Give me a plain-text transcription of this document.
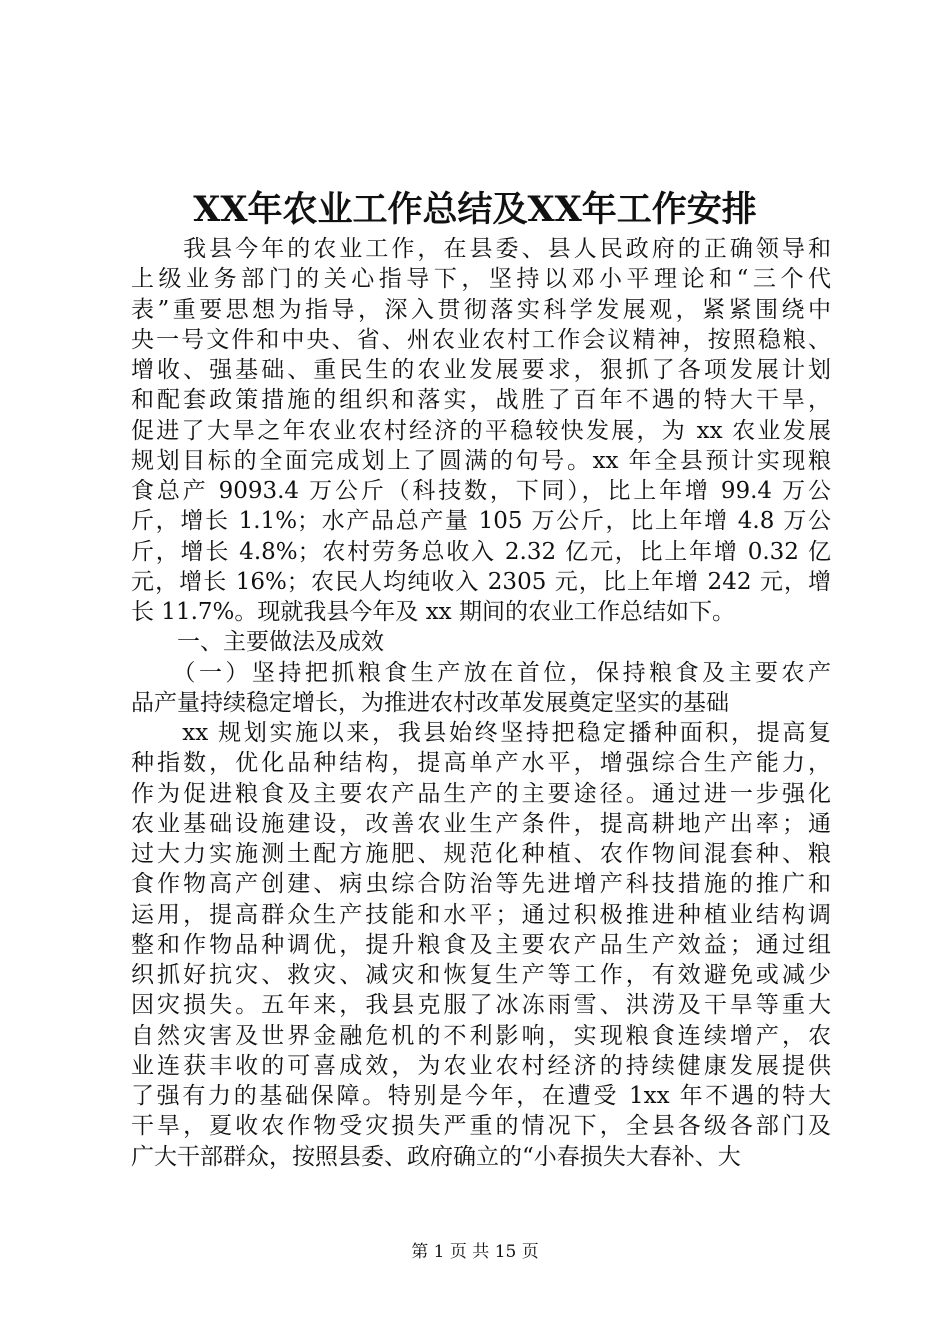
XX年农业工作总结及XX年工作安排
　　我县今年的农业工作，在县委、县人民政府的正确领导和
上级业务部门的关心指导下，坚持以邓小平理论和“三个代
表”重要思想为指导，深入贯彻落实科学发展观，紧紧围绕中
央一号文件和中央、省、州农业农村工作会议精神，按照稳粮、
增收、强基础、重民生的农业发展要求，狠抓了各项发展计划
和配套政策措施的组织和落实，战胜了百年不遇的特大干旱，
促进了大旱之年农业农村经济的平稳较快发展，为 xx 农业发展
规划目标的全面完成划上了圆满的句号。xx 年全县预计实现粮
食总产 9093.4 万公斤（科技数，下同），比上年增 99.4 万公
斤，增长 1.1%；水产品总产量 105 万公斤，比上年增 4.8 万公
斤，增长 4.8%；农村劳务总收入 2.32 亿元，比上年增 0.32 亿
元，增长 16%；农民人均纯收入 2305 元，比上年增 242 元，增
长 11.7%。现就我县今年及 xx 期间的农业工作总结如下。
　　一、主要做法及成效
　　（一）坚持把抓粮食生产放在首位，保持粮食及主要农产
品产量持续稳定增长，为推进农村改革发展奠定坚实的基础
　　xx 规划实施以来，我县始终坚持把稳定播种面积，提高复
种指数，优化品种结构，提高单产水平，增强综合生产能力，
作为促进粮食及主要农产品生产的主要途径。通过进一步强化
农业基础设施建设，改善农业生产条件，提高耕地产出率；通
过大力实施测土配方施肥、规范化种植、农作物间混套种、粮
食作物高产创建、病虫综合防治等先进增产科技措施的推广和
运用，提高群众生产技能和水平；通过积极推进种植业结构调
整和作物品种调优，提升粮食及主要农产品生产效益；通过组
织抓好抗灾、救灾、减灾和恢复生产等工作，有效避免或减少
因灾损失。五年来，我县克服了冰冻雨雪、洪涝及干旱等重大
自然灾害及世界金融危机的不利影响，实现粮食连续增产，农
业连获丰收的可喜成效，为农业农村经济的持续健康发展提供
了强有力的基础保障。特别是今年，在遭受 1xx 年不遇的特大
干旱，夏收农作物受灾损失严重的情况下，全县各级各部门及
广大干部群众，按照县委、政府确立的“小春损失大春补、大
第 1 页 共 15 页
